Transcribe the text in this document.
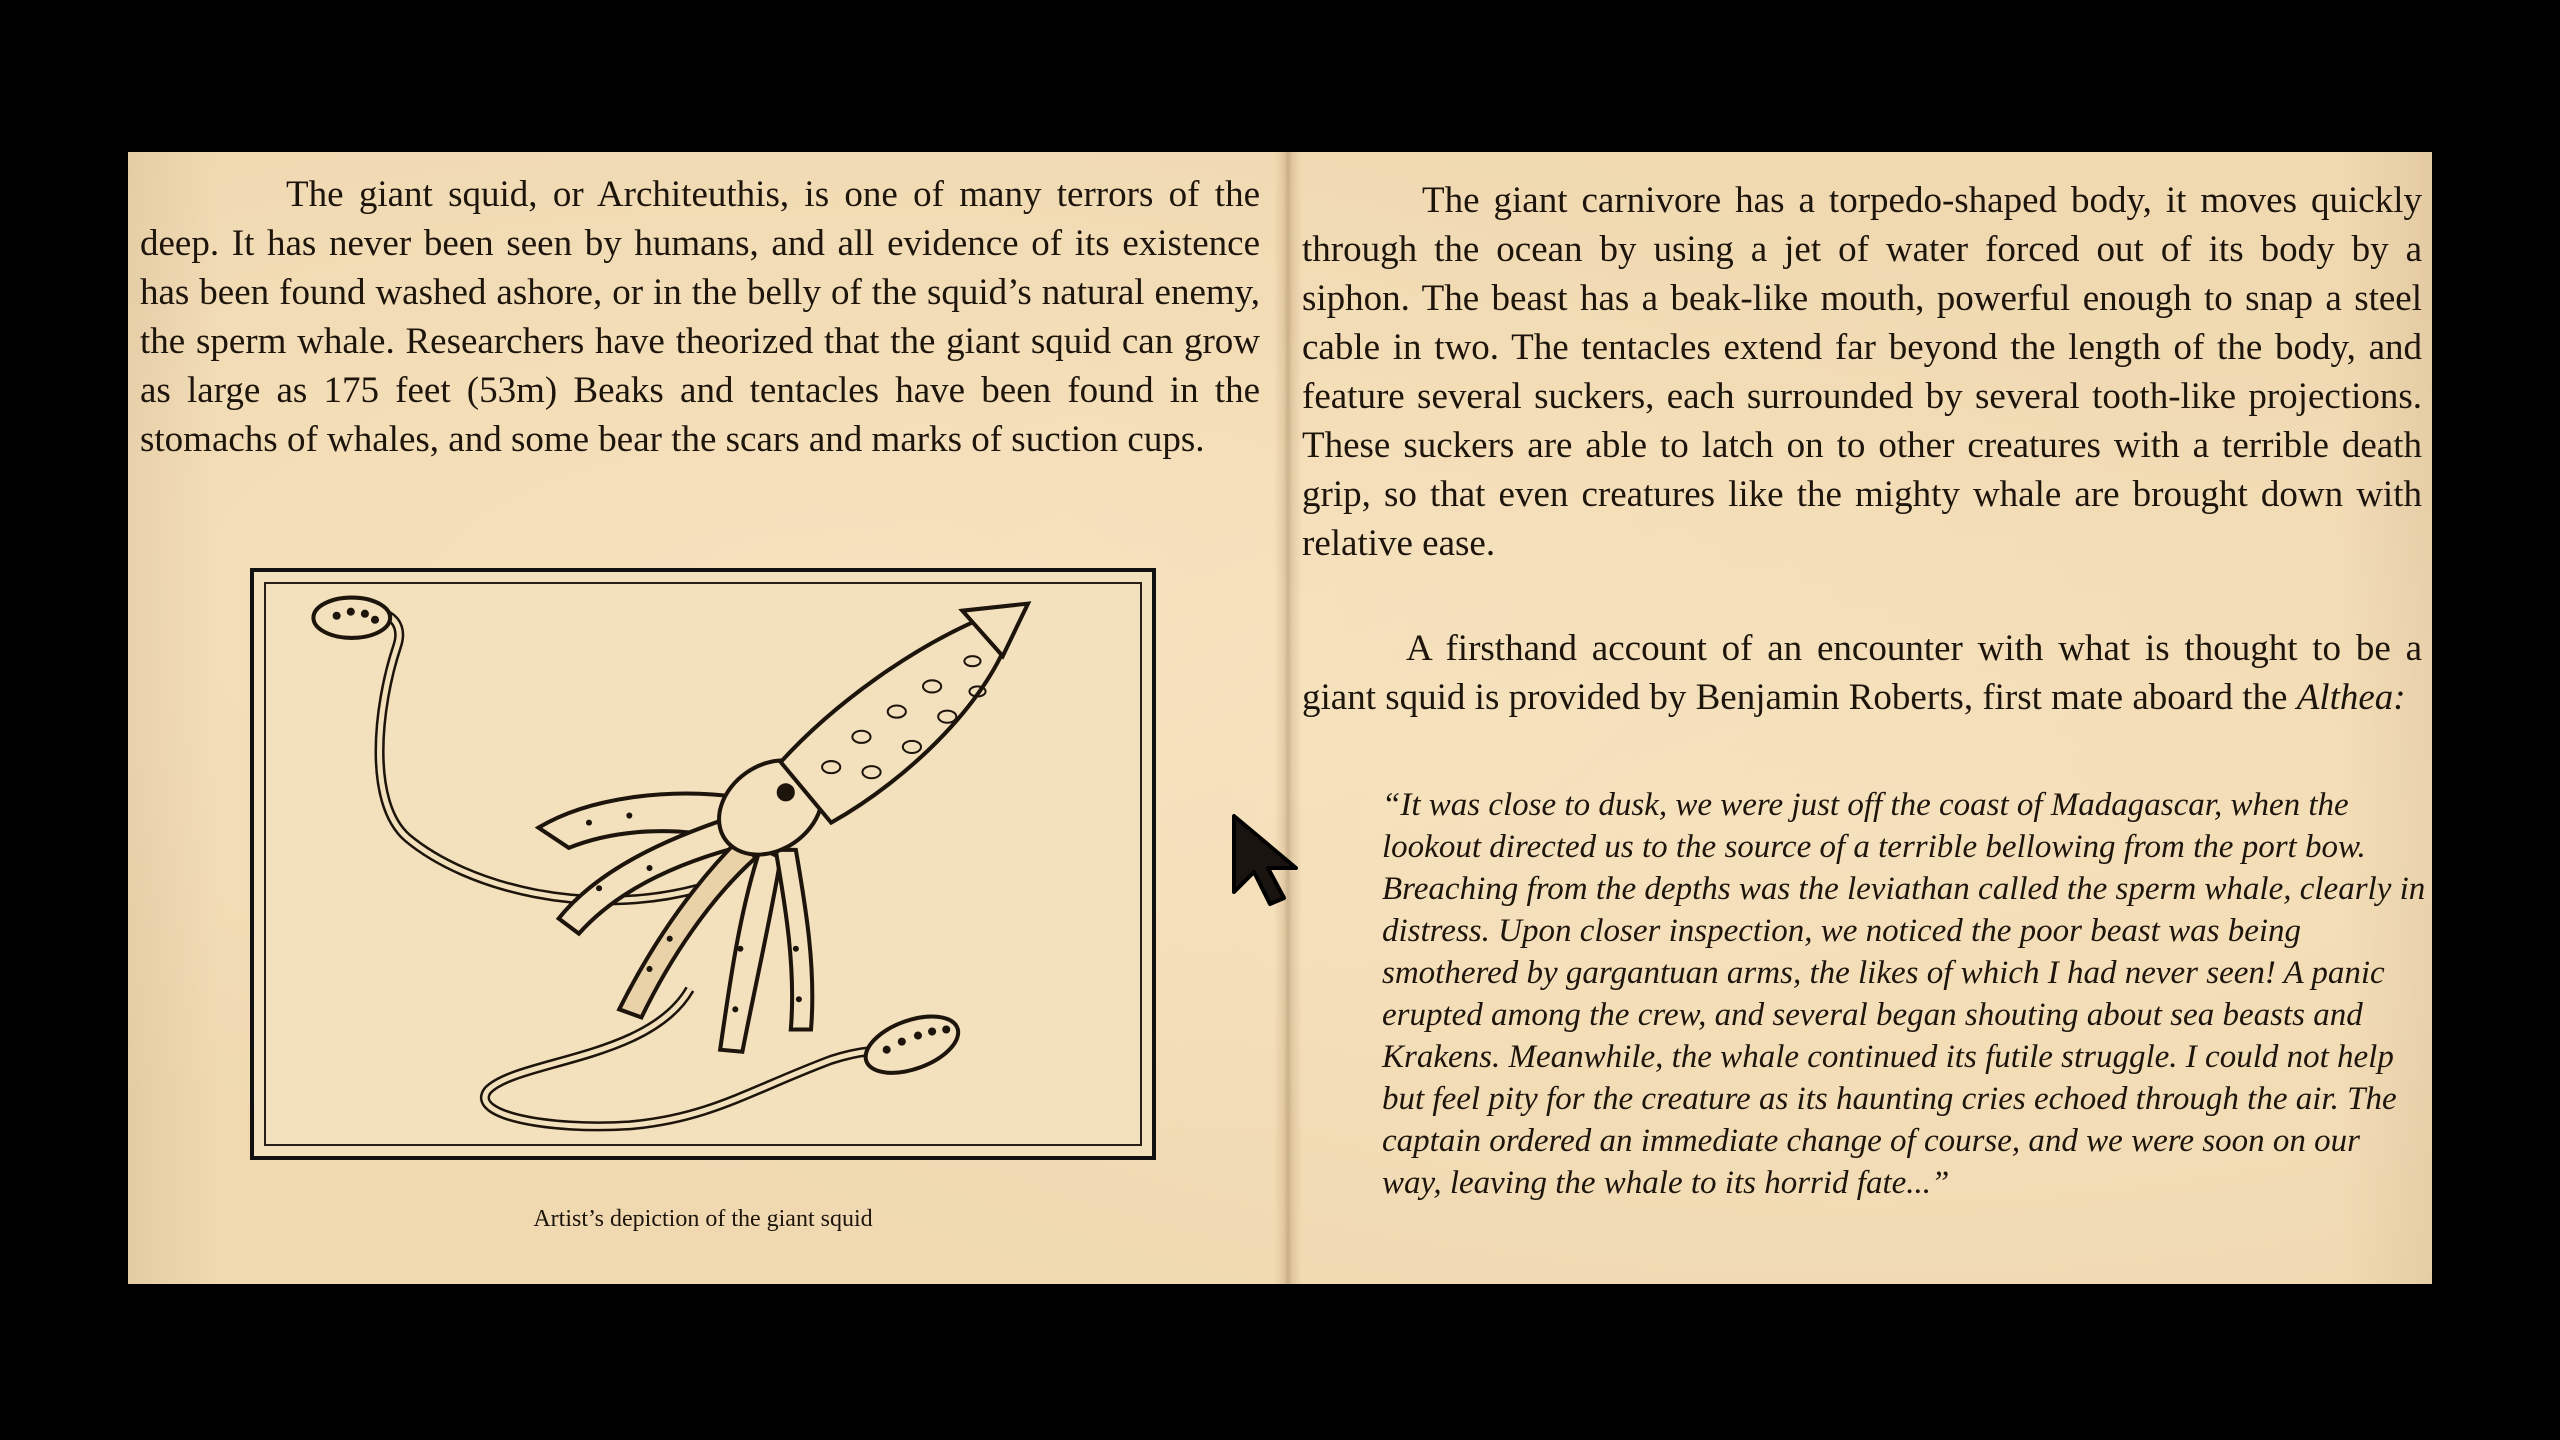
The giant squid, or Architeuthis, is one of many terrors of the deep. It has never been seen by humans, and all evidence of its existence has been found washed ashore, or in the belly of the squid’s natural enemy, the sperm whale. Researchers have theorized that the giant squid can grow as large as 175 feet (53m) Beaks and tentacles have been found in the stomachs of whales, and some bear the scars and marks of suction cups.

Artist’s depiction of the giant squid

The giant carnivore has a torpedo-shaped body, it moves quickly through the ocean by using a jet of water forced out of its body by a siphon. The beast has a beak-like mouth, powerful enough to snap a steel cable in two. The tentacles extend far beyond the length of the body, and feature several suckers, each surrounded by several tooth-like projections. These suckers are able to latch on to other creatures with a terrible death grip, so that even creatures like the mighty whale are brought down with relative ease.

A firsthand account of an encounter with what is thought to be a giant squid is provided by Benjamin Roberts, first mate aboard the Althea:

“It was close to dusk, we were just off the coast of Madagascar, when the lookout directed us to the source of a terrible bellowing from the port bow. Breaching from the depths was the leviathan called the sperm whale, clearly in distress. Upon closer inspection, we noticed the poor beast was being smothered by gargantuan arms, the likes of which I had never seen! A panic erupted among the crew, and several began shouting about sea beasts and Krakens. Meanwhile, the whale continued its futile struggle. I could not help but feel pity for the creature as its haunting cries echoed through the air. The captain ordered an immediate change of course, and we were soon on our way, leaving the whale to its horrid fate...”
